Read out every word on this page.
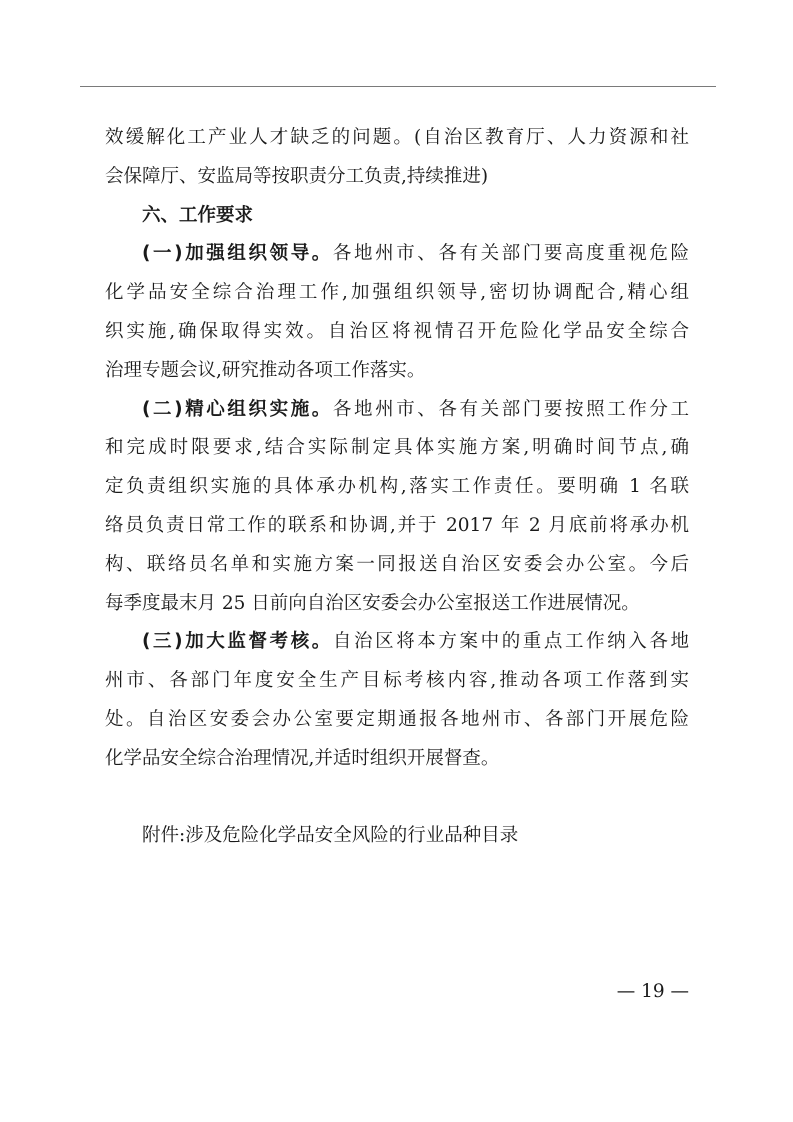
效缓解化工产业人才缺乏的问题。(自治区教育厅、人力资源和社
会保障厅、安监局等按职责分工负责,持续推进)
六、工作要求
(一)加强组织领导。各地州市、各有关部门要高度重视危险
化学品安全综合治理工作,加强组织领导,密切协调配合,精心组
织实施,确保取得实效。自治区将视情召开危险化学品安全综合
治理专题会议,研究推动各项工作落实。
(二)精心组织实施。各地州市、各有关部门要按照工作分工
和完成时限要求,结合实际制定具体实施方案,明确时间节点,确
定负责组织实施的具体承办机构,落实工作责任。要明确 1 名联
络员负责日常工作的联系和协调,并于 2017 年 2 月底前将承办机
构、联络员名单和实施方案一同报送自治区安委会办公室。今后
每季度最末月 25 日前向自治区安委会办公室报送工作进展情况。
(三)加大监督考核。自治区将本方案中的重点工作纳入各地
州市、各部门年度安全生产目标考核内容,推动各项工作落到实
处。自治区安委会办公室要定期通报各地州市、各部门开展危险
化学品安全综合治理情况,并适时组织开展督查。
附件:涉及危险化学品安全风险的行业品种目录
— 19 —
